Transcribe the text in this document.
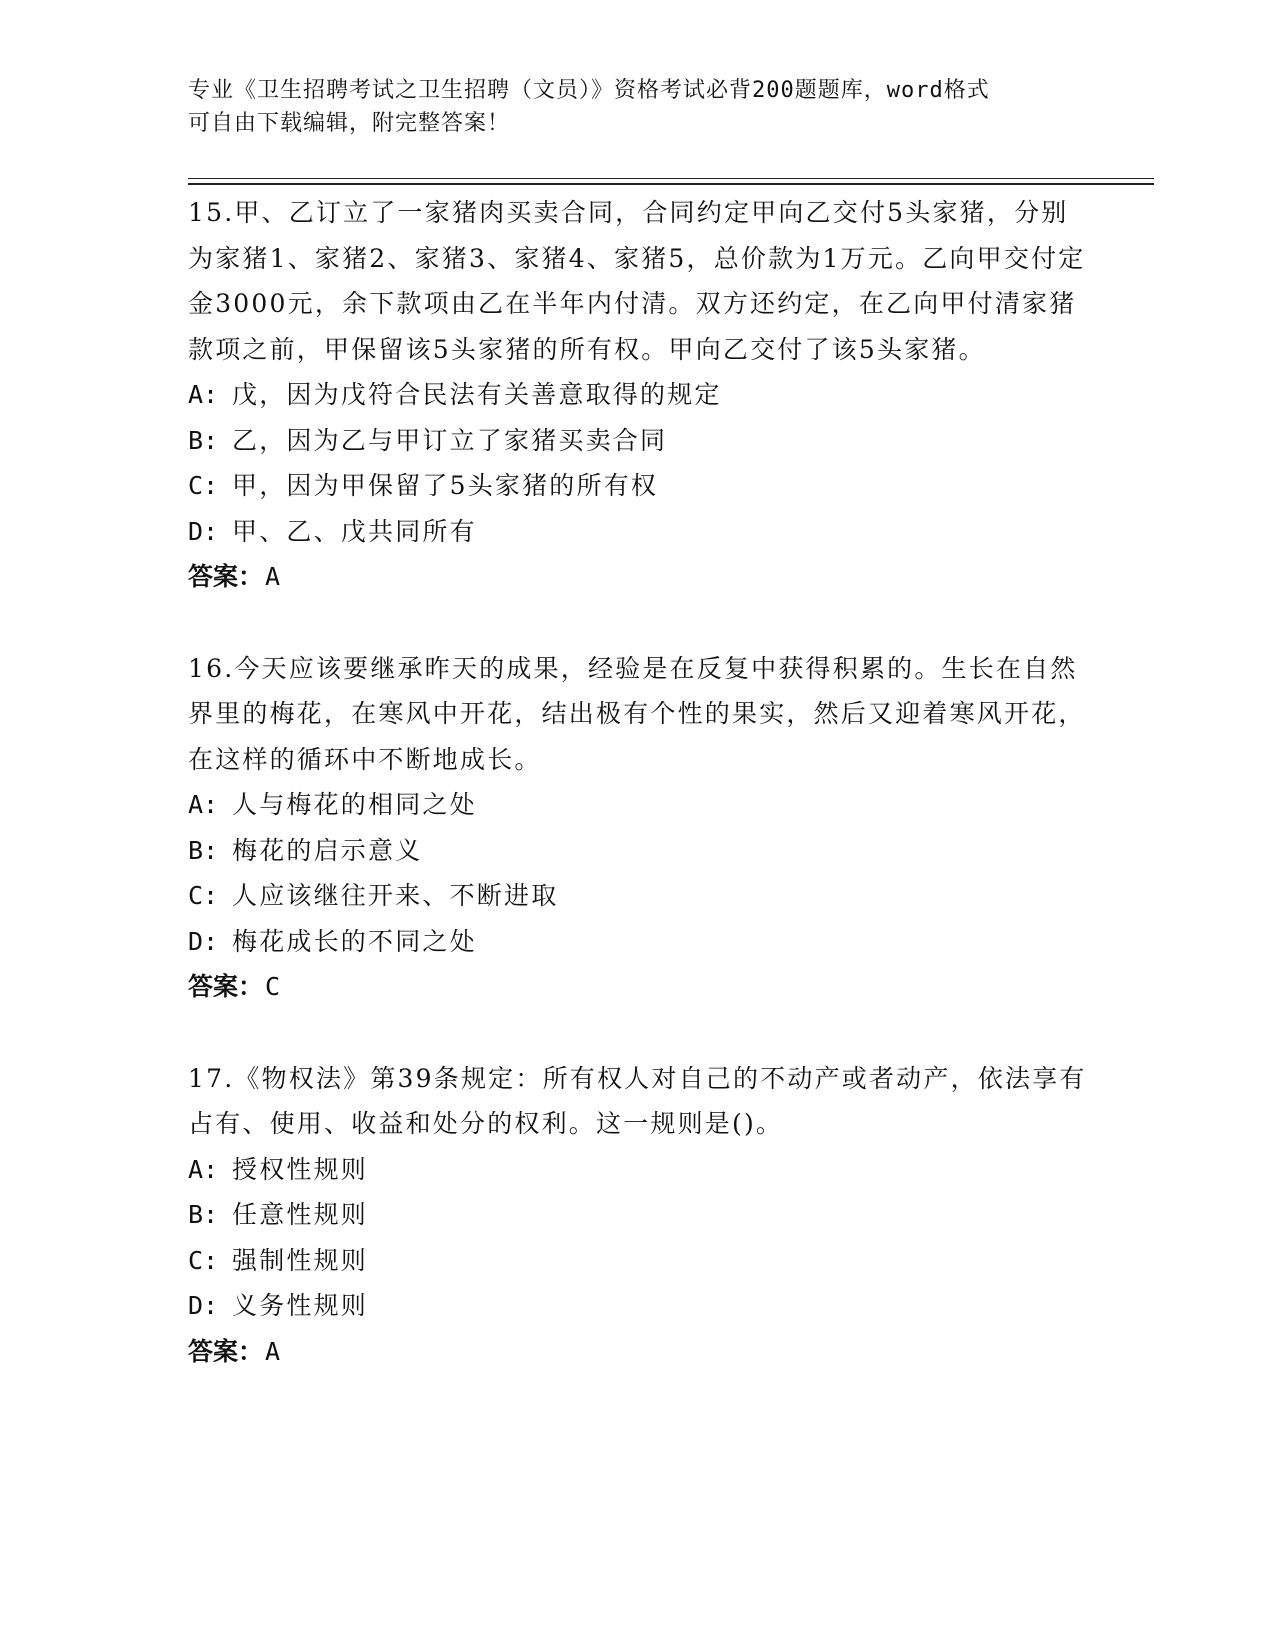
专业《卫生招聘考试之卫生招聘（文员）》资格考试必背200题题库，word格式
可自由下载编辑，附完整答案！

15.甲、乙订立了一家猪肉买卖合同，合同约定甲向乙交付5头家猪，分别为家猪1、家猪2、家猪3、家猪4、家猪5，总价款为1万元。乙向甲交付定金3000元，余下款项由乙在半年内付清。双方还约定，在乙向甲付清家猪款项之前，甲保留该5头家猪的所有权。甲向乙交付了该5头家猪。

A: 戊，因为戊符合民法有关善意取得的规定
B: 乙，因为乙与甲订立了家猪买卖合同
C: 甲，因为甲保留了5头家猪的所有权
D: 甲、乙、戊共同所有
答案： A

16.今天应该要继承昨天的成果，经验是在反复中获得积累的。生长在自然界里的梅花，在寒风中开花，结出极有个性的果实，然后又迎着寒风开花，在这样的循环中不断地成长。

A: 人与梅花的相同之处
B: 梅花的启示意义
C: 人应该继往开来、不断进取
D: 梅花成长的不同之处
答案： C

17.《物权法》第39条规定：所有权人对自己的不动产或者动产，依法享有占有、使用、收益和处分的权利。这一规则是()。

A: 授权性规则
B: 任意性规则
C: 强制性规则
D: 义务性规则
答案： A
